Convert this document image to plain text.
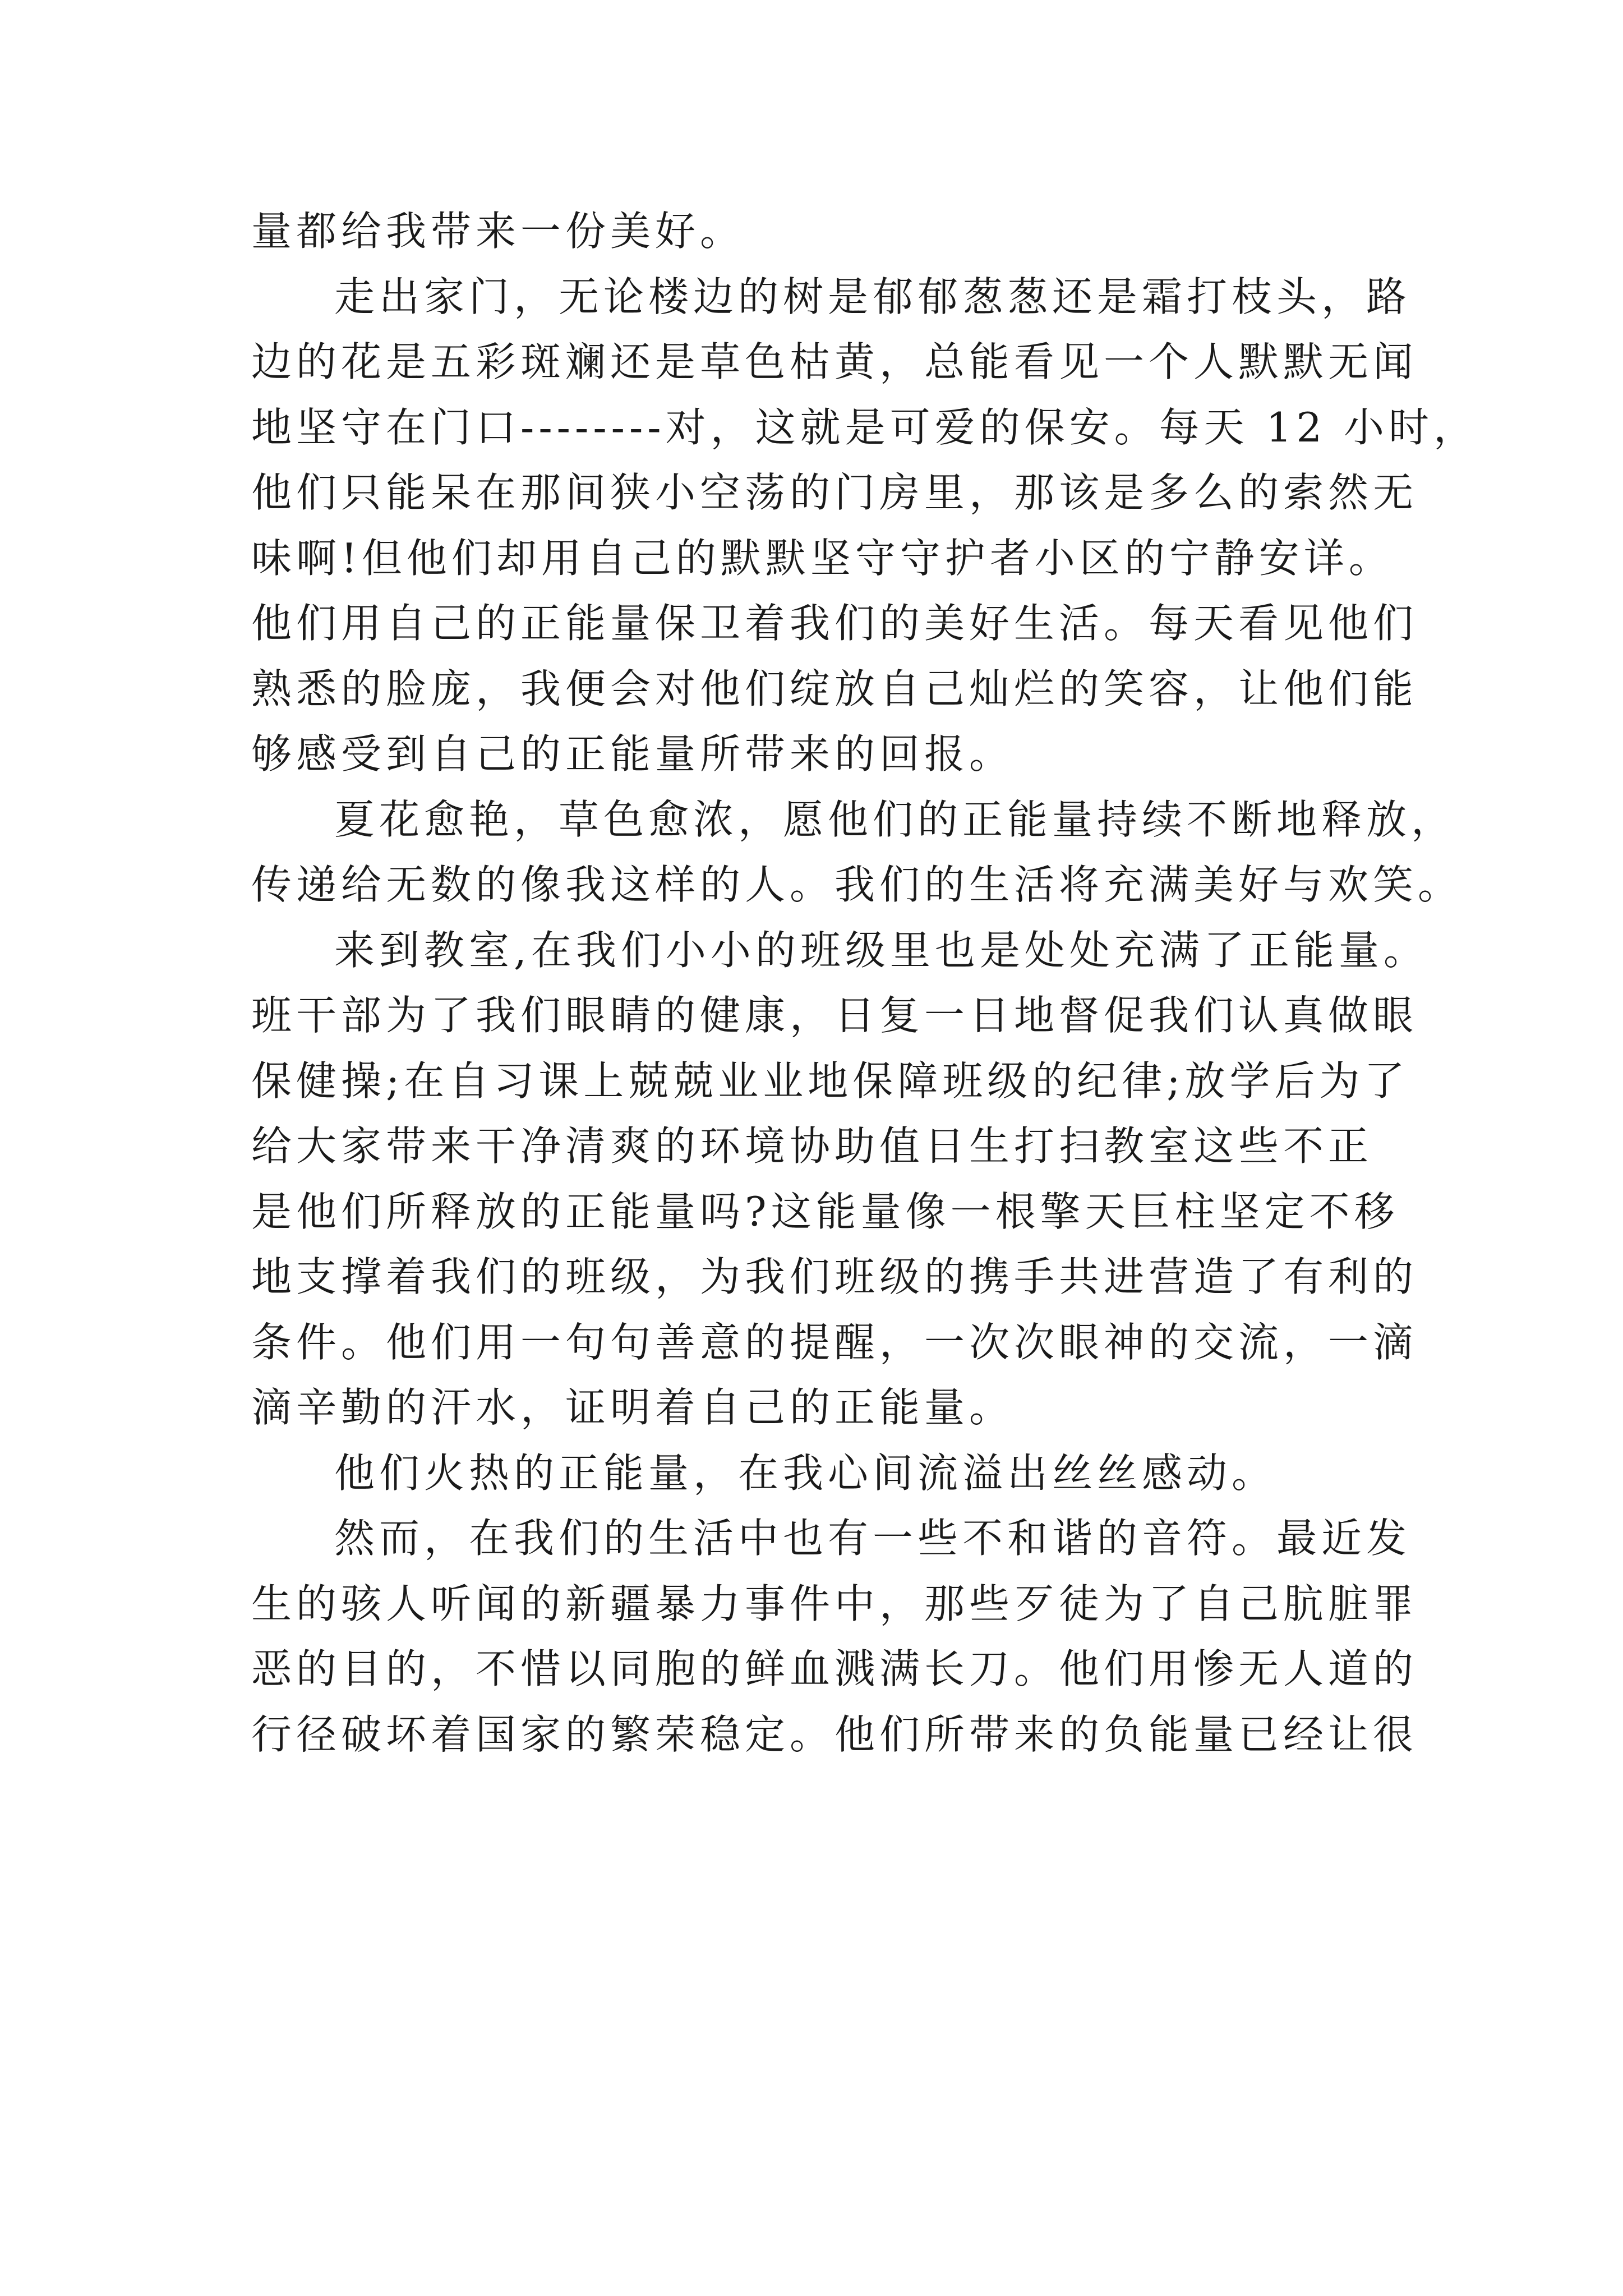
量都给我带来一份美好。
走出家门，无论楼边的树是郁郁葱葱还是霜打枝头，路
边的花是五彩斑斓还是草色枯黄，总能看见一个人默默无闻
地坚守在门口--------对，这就是可爱的保安。每天 12 小时，
他们只能呆在那间狭小空荡的门房里，那该是多么的索然无
味啊!但他们却用自己的默默坚守守护者小区的宁静安详。
他们用自己的正能量保卫着我们的美好生活。每天看见他们
熟悉的脸庞，我便会对他们绽放自己灿烂的笑容，让他们能
够感受到自己的正能量所带来的回报。
夏花愈艳，草色愈浓，愿他们的正能量持续不断地释放，
传递给无数的像我这样的人。我们的生活将充满美好与欢笑。
来到教室,在我们小小的班级里也是处处充满了正能量。
班干部为了我们眼睛的健康，日复一日地督促我们认真做眼
保健操;在自习课上兢兢业业地保障班级的纪律;放学后为了
给大家带来干净清爽的环境协助值日生打扫教室这些不正
是他们所释放的正能量吗?这能量像一根擎天巨柱坚定不移
地支撑着我们的班级，为我们班级的携手共进营造了有利的
条件。他们用一句句善意的提醒，一次次眼神的交流，一滴
滴辛勤的汗水，证明着自己的正能量。
他们火热的正能量，在我心间流溢出丝丝感动。
然而，在我们的生活中也有一些不和谐的音符。最近发
生的骇人听闻的新疆暴力事件中，那些歹徒为了自己肮脏罪
恶的目的，不惜以同胞的鲜血溅满长刀。他们用惨无人道的
行径破坏着国家的繁荣稳定。他们所带来的负能量已经让很
